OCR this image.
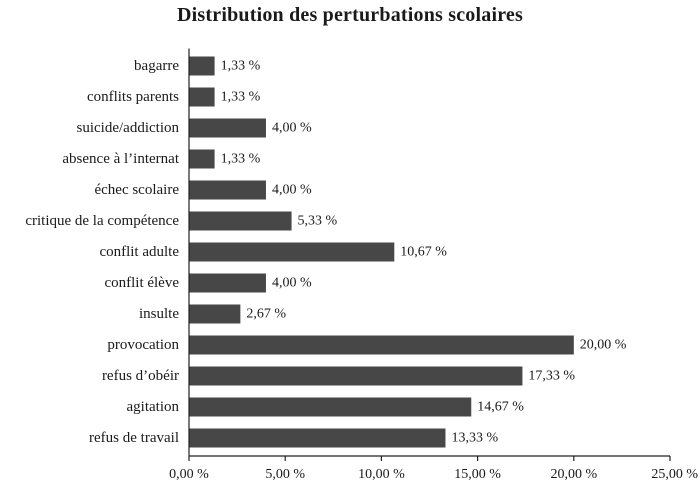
Distribution des perturbations scolaires
bagarre	1,33 %
conflits parents	1,33 %
suicide/addiction	4,00 %
absence à l’internat	1,33 %
échec scolaire	4,00 %
critique de la compétence	5,33 %
conflit adulte	10,67 %
conflit élève	4,00 %
insulte	2,67 %
provocation	20,00 %
refus d’obéir	17,33 %
agitation	14,67 %
refus de travail	13,33 %
0,00 %	5,00 %	10,00 %	15,00 %	20,00 %	25,00 %
